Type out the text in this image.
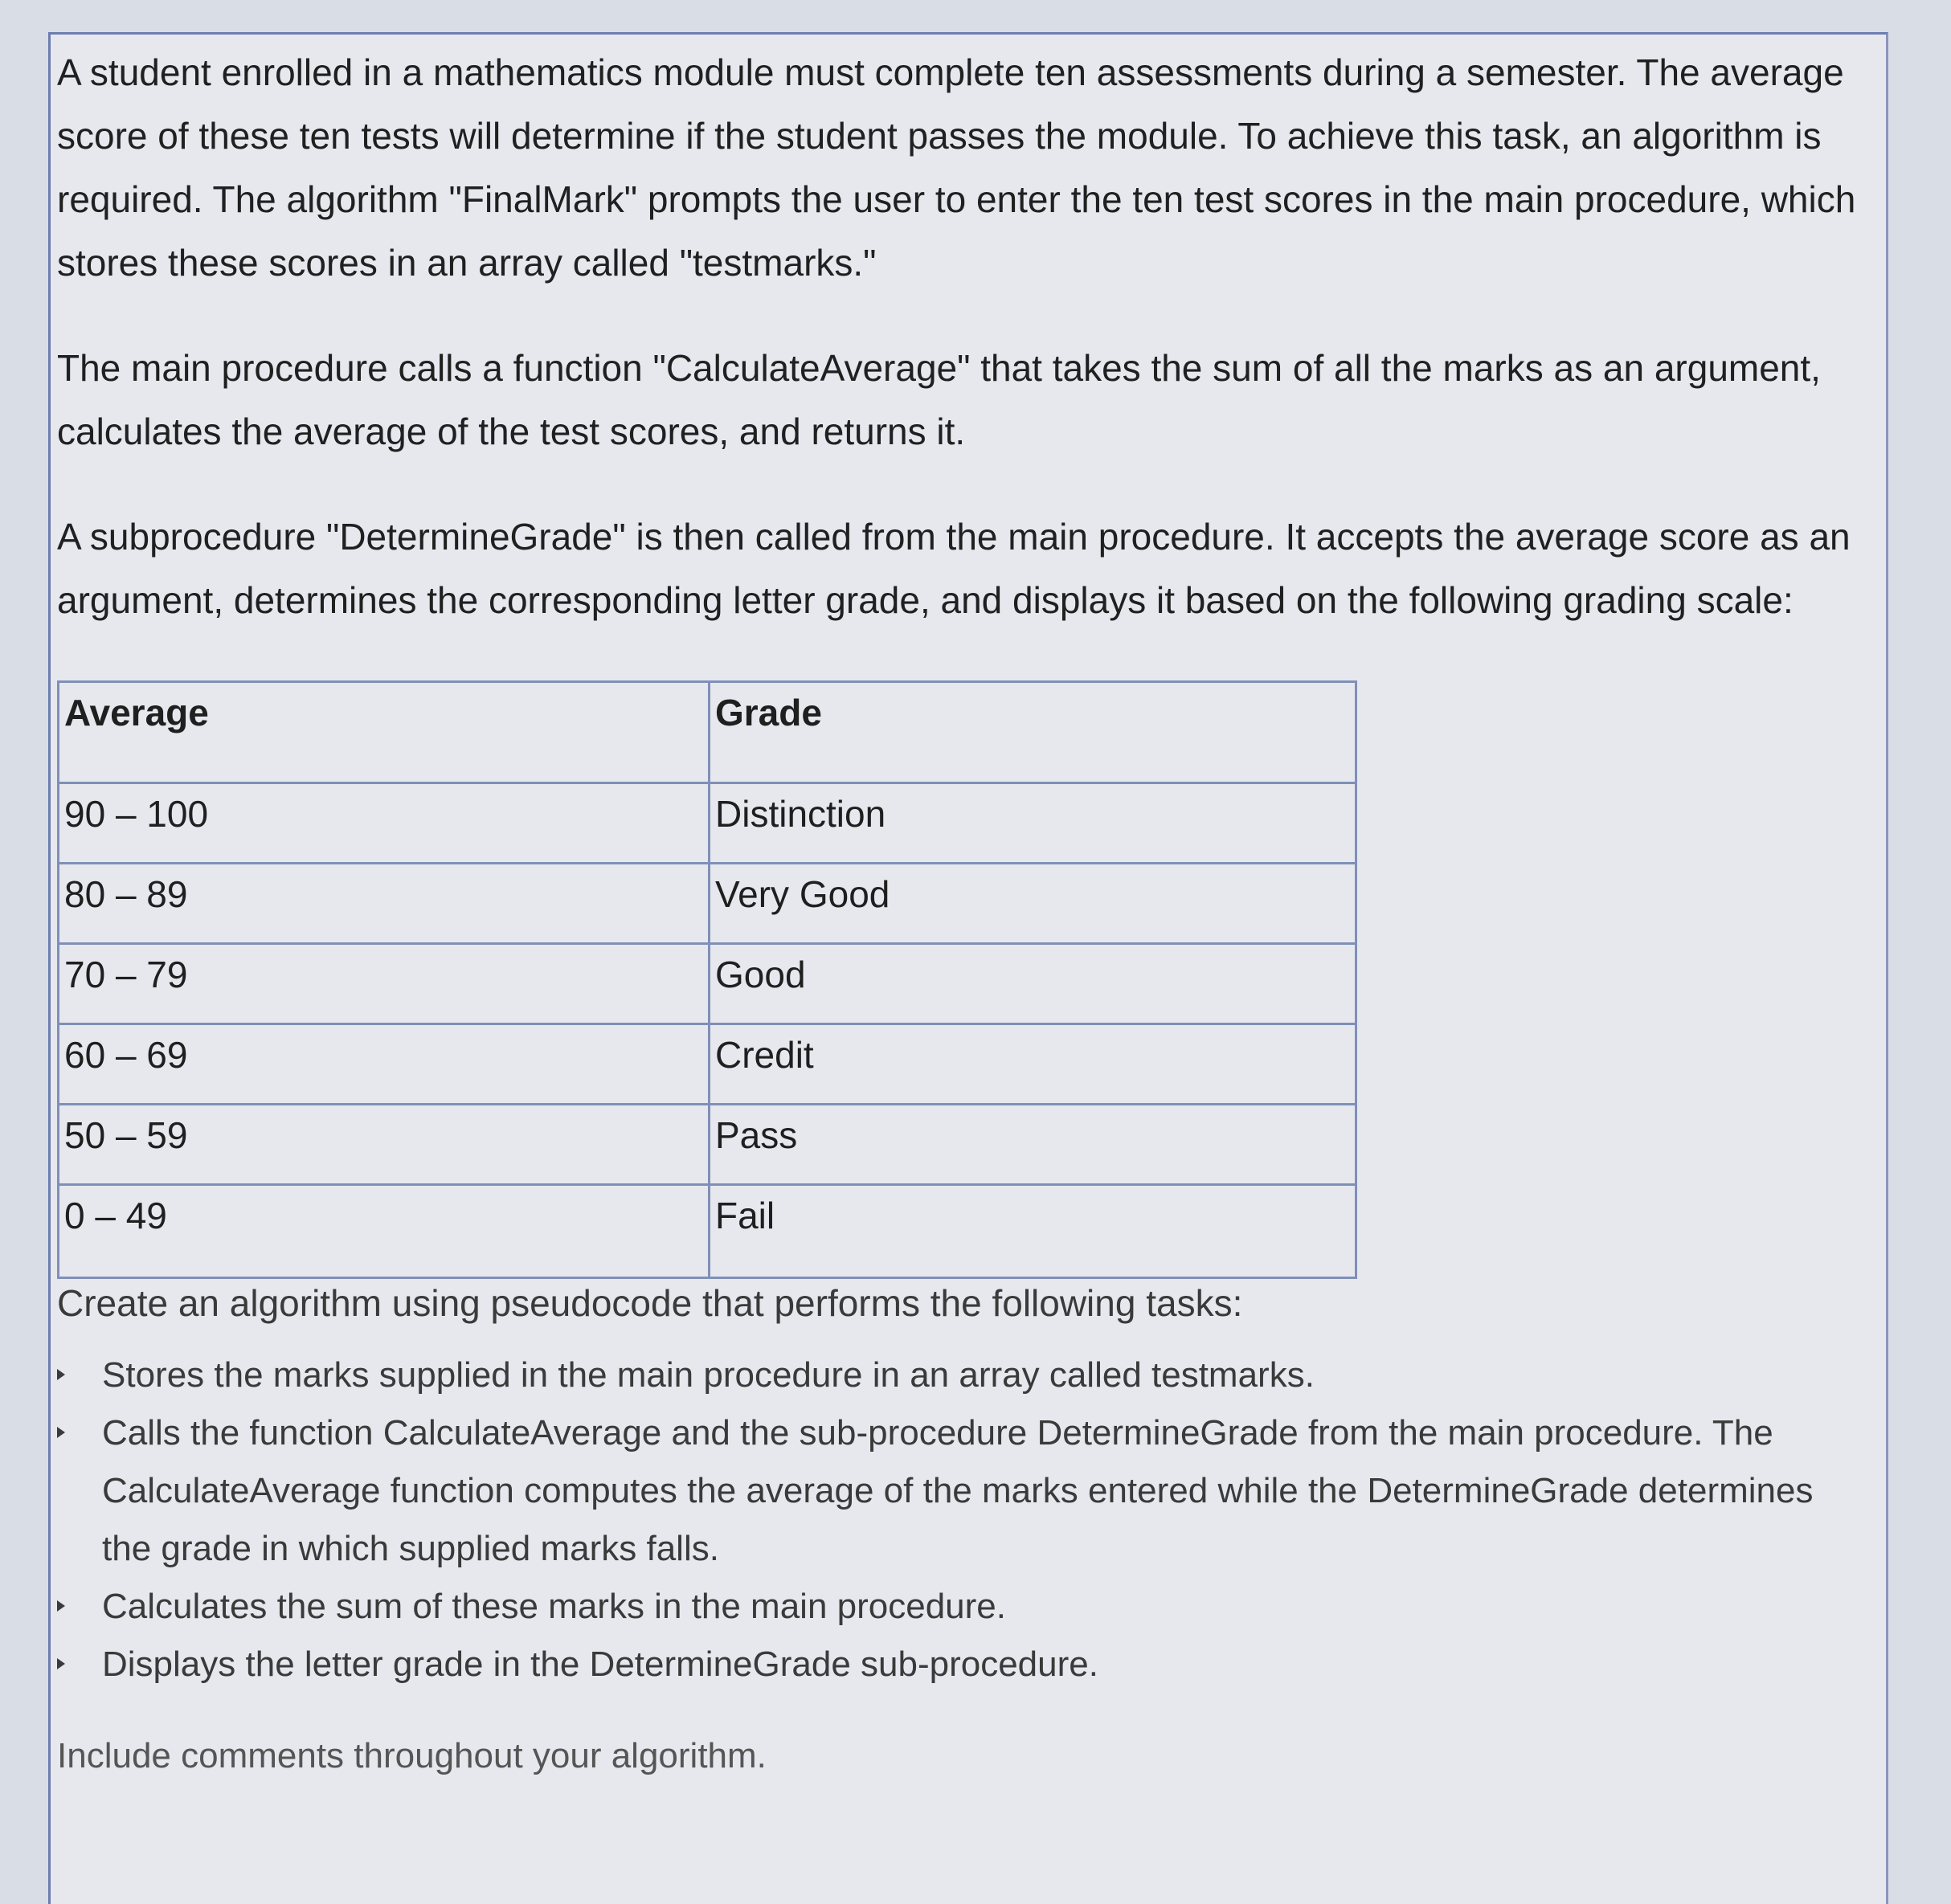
A student enrolled in a mathematics module must complete ten assessments during a semester. The average score of these ten tests will determine if the student passes the module. To achieve this task, an algorithm is required. The algorithm "FinalMark" prompts the user to enter the ten test scores in the main procedure, which stores these scores in an array called "testmarks."

The main procedure calls a function "CalculateAverage" that takes the sum of all the marks as an argument, calculates the average of the test scores, and returns it.

A subprocedure "DetermineGrade" is then called from the main procedure. It accepts the average score as an argument, determines the corresponding letter grade, and displays it based on the following grading scale:

Average	Grade
90 – 100	Distinction
80 – 89	Very Good
70 – 79	Good
60 – 69	Credit
50 – 59	Pass
0 – 49	Fail

Create an algorithm using pseudocode that performs the following tasks:

Stores the marks supplied in the main procedure in an array called testmarks.
Calls the function CalculateAverage and the sub-procedure DetermineGrade from the main procedure. The CalculateAverage function computes the average of the marks entered while the DetermineGrade determines the grade in which supplied marks falls.
Calculates the sum of these marks in the main procedure.
Displays the letter grade in the DetermineGrade sub-procedure.

Include comments throughout your algorithm.
